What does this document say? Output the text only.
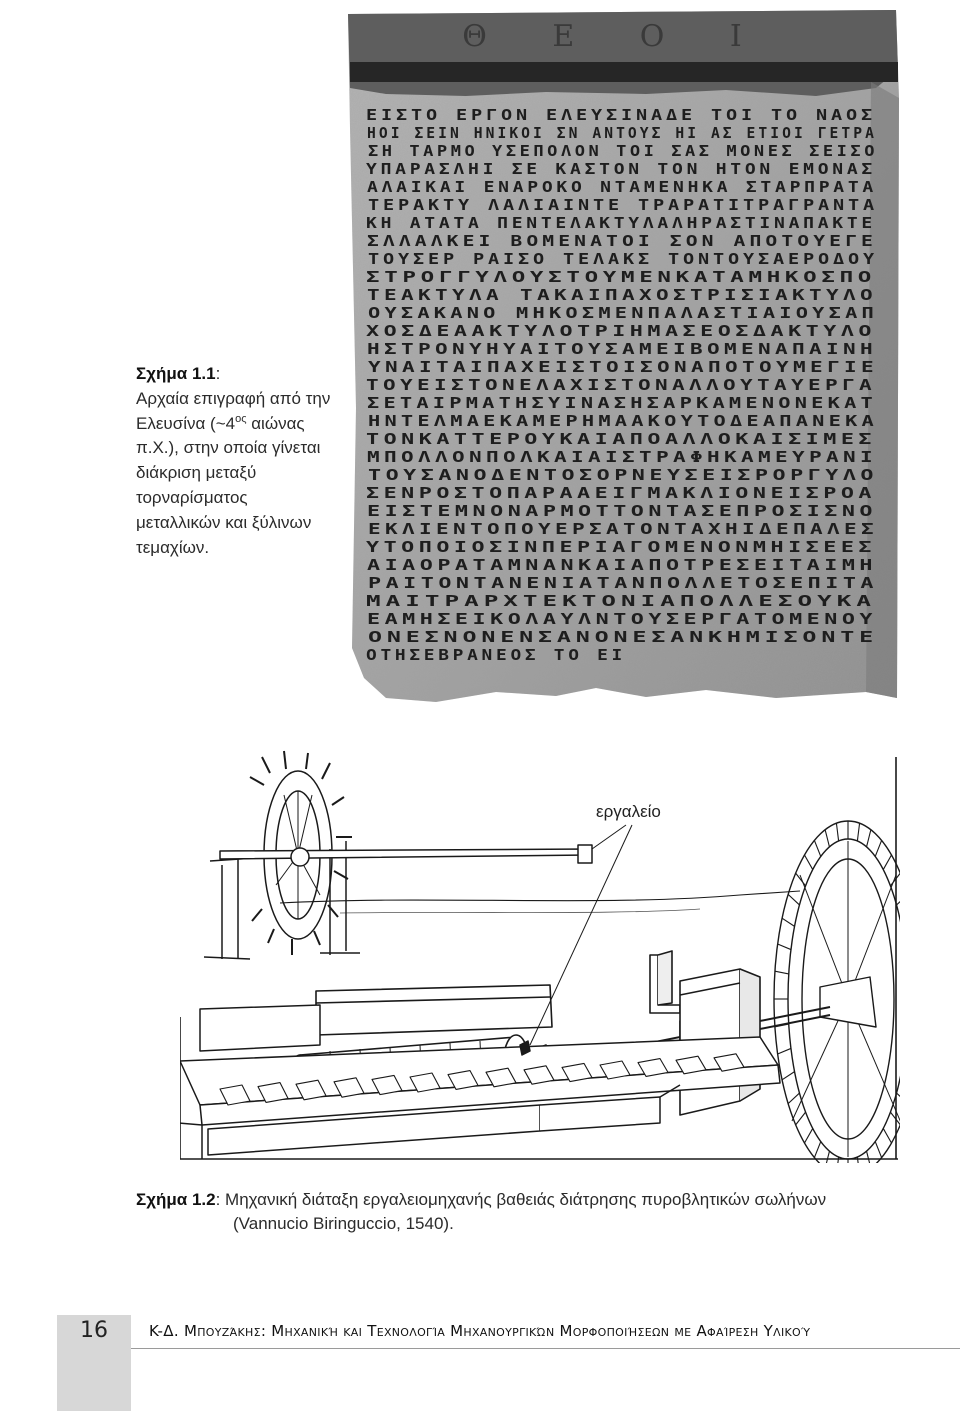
Σχήμα 1.1:
Αρχαία επιγραφή από την Ελευσίνα ($\sim 4^{o\varsigma}$ αιώνας π.Χ.), στην οποία γίνεται διάκριση μεταξύ τορναρίσματος μεταλλικών και ξύλινων τεμαχίων.
Θ Ε Ο Ι
ΕΙΣΤΟ ΕΡΓΟΝ ΕΛΕΥΣΙΝΑΔΕ ΤΟΙ ΤΟ ΝΑΟΣ
ΗΟΙ ΣΕΙΝ ΗΝΙΚΟΙ ΣΝ ΑΝΤΟΥΣ ΗΙ ΑΣ ΕΤΙΟΙ ΓΕΤΡΑ
ΣΗ ΤΑΡΜΟ ΥΣΕΠΟΛΟΝ ΤΟΙ ΣΑΣ ΜΟΝΕΣ ΣΕΙΣΟ
ΥΠΑΡΑΣΛΗΙ ΣΕ ΚΑΣΤΟΝ ΤΟΝ ΗΤΟΝ ΕΜΟΝΑΣ
ΑΛΑΙΚΑΙ ΕΝΑΡΟΚΟ ΝΤΑΜΕΝΗΚΑ ΣΤΑΡΠΡΑΤΑ
ΤΕΡΑΚΤΥ ΛΑΛΙΑΙΝΤΕ ΤΡΑΡΑΤΙΤΡΑΓΡΑΝΤΑ
ΚΗ ΑΤΑΤΑ ΠΕΝΤΕΛΑΚΤΥΛΑΛΗΡΑΣΤΙΝΑΠΑΚΤΕ
ΣΛΛΑΛΚΕΙ ΒΟΜΕΝΑΤΟΙ ΣΟΝ ΑΠΟΤΟΥΕΓΕ
ΤΟΥΣΕΡ ΡΑΙΣΟ ΤΕΛΑΚΣ ΤΟΝΤΟΥΣΑΕΡΟΔΟΥ
ΣΤΡΟΓΓΥΛΟΥΣΤΟΥΜΕΝΚΑΤΑΜΗΚΟΣΠΟ
ΤΕΑΚΤΥΛΑ ΤΑΚΑΙΠΑΧΟΣΤΡΙΣΙΑΚΤΥΛΟ
ΟΥΣΑΚΑΝΟ ΜΗΚΟΣΜΕΝΠΑΛΑΣΤΙΑΙΟΥΣΑΠ
ΧΟΣΔΕΑΑΚΤΥΛΟΤΡΙΗΜΑΣΕΟΣΔΑΚΤΥΛΟ
ΗΣΤΡΟΝΥΗΥΑΙΤΟΥΣΑΜΕΙΒΟΜΕΝΑΠΑΙΝΗ
ΥΝΑΙΤΑΙΠΑΧΕΙΣΤΟΙΣΟΝΑΠΟΤΟΥΜΕΓΙΕ
ΤΟΥΕΙΣΤΟΝΕΛΑΧΙΣΤΟΝΑΛΛΟΥΤΑΥΕΡΓΑ
ΣΕΤΑΙΡΜΑΤΗΣΥΙΝΑΣΗΣΑΡΚΑΜΕΝΟΝΕΚΑΤ
ΗΝΤΕΛΜΑΕΚΑΜΕΡΗΜΑΑΚΟΥΤΟΔΕΑΠΑΝΕΚΑ
ΤΟΝΚΑΤΤΕΡΟΥΚΑΙΑΠΟΑΛΛΟΚΑΙΣΙΜΕΣ
ΜΠΟΛΛΟΝΠΟΛΚΑΙΑΙΣΤΡΑΦΗΚΑΜΕΥΡΑΝΙ
ΤΟΥΣΑΝΟΔΕΝΤΟΣΟΡΝΕΥΣΕΙΣΡΟΡΓΥΛΟ
ΣΕΝΡΟΣΤΟΠΑΡΑΑΕΙΓΜΑΚΛΙΟΝΕΙΣΡΟΑ
ΕΙΣΤΕΜΝΟΝΑΡΜΟΤΤΟΝΤΑΣΕΠΡΟΣΙΣΝΟ
ΕΚΛΙΕΝΤΟΠΟΥΕΡΣΑΤΟΝΤΑΧΗΙΔΕΠΑΛΕΣ
ΥΤΟΠΟΙΟΣΙΝΠΕΡΙΑΓΟΜΕΝΟΝΜΗΙΣΕΕΣ
ΑΙΑΟΡΑΤΑΜΝΑΝΚΑΙΑΠΟΤΡΕΣΕΙΤΑΙΜΗ
ΡΑΙΤΟΝΤΑΝΕΝΙΑΤΑΝΠΟΛΛΕΤΟΣΕΠΙΤΑ
ΜΑΙΤΡΑΡΧΤΕΚΤΟΝΙΑΠΟΛΛΕΣΟΥΚΑ
ΕΑΜΗΣΕΙΚΟΛΑΥΛΝΤΟΥΣΕΡΓΑΤΟΜΕΝΟΥ
ΟΝΕΣΝΟΝΕΝΣΑΝΟΝΕΣΑΝΚΗΜΙΣΟΝΤΕ
ΟΤΗΣΕΒΡΑΝΕΟΣ ΤΟ ΕΙ
εργαλείο
Σχήμα 1.2: Μηχανική διάταξη εργαλειομηχανής βαθειάς διάτρησης πυροβλητικών σωλήνων
(Vannucio Biringuccio, 1540).
16	K-Δ. Μπουζάκης: Μηχανική και Τεχνολογία Μηχανουργικών Μορφοποιήσεων με Αφαίρεση Υλικού
